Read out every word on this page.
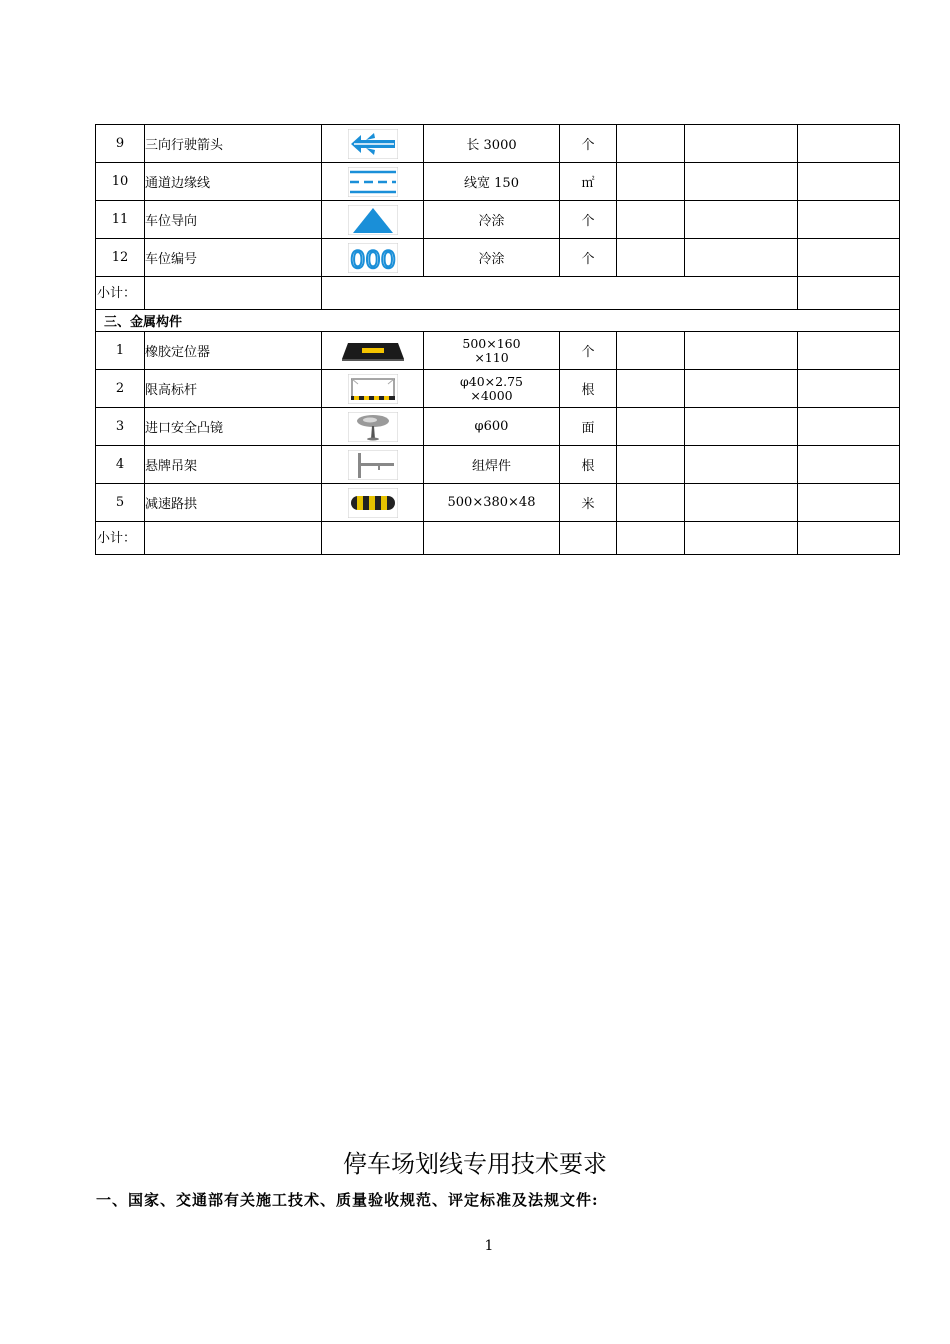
9	三向行驶箭头		长 3000	个			
10	通道边缘线		线宽 150	㎡			
11	车位导向		冷涂	个			
12	车位编号	000	冷涂	个			

小计：							

三、金属构件							
1	橡胶定位器		500×160
×110	个			
2	限高标杆		φ40×2.75
×4000	根			
3	进口安全凸镜		φ600	面			
4	悬牌吊架		组焊件	根			
5	减速路拱		500×380×48	米			

小计：							

停车场划线专用技术要求
一、国家、交通部有关施工技术、质量验收规范、评定标准及法规文件:
1
